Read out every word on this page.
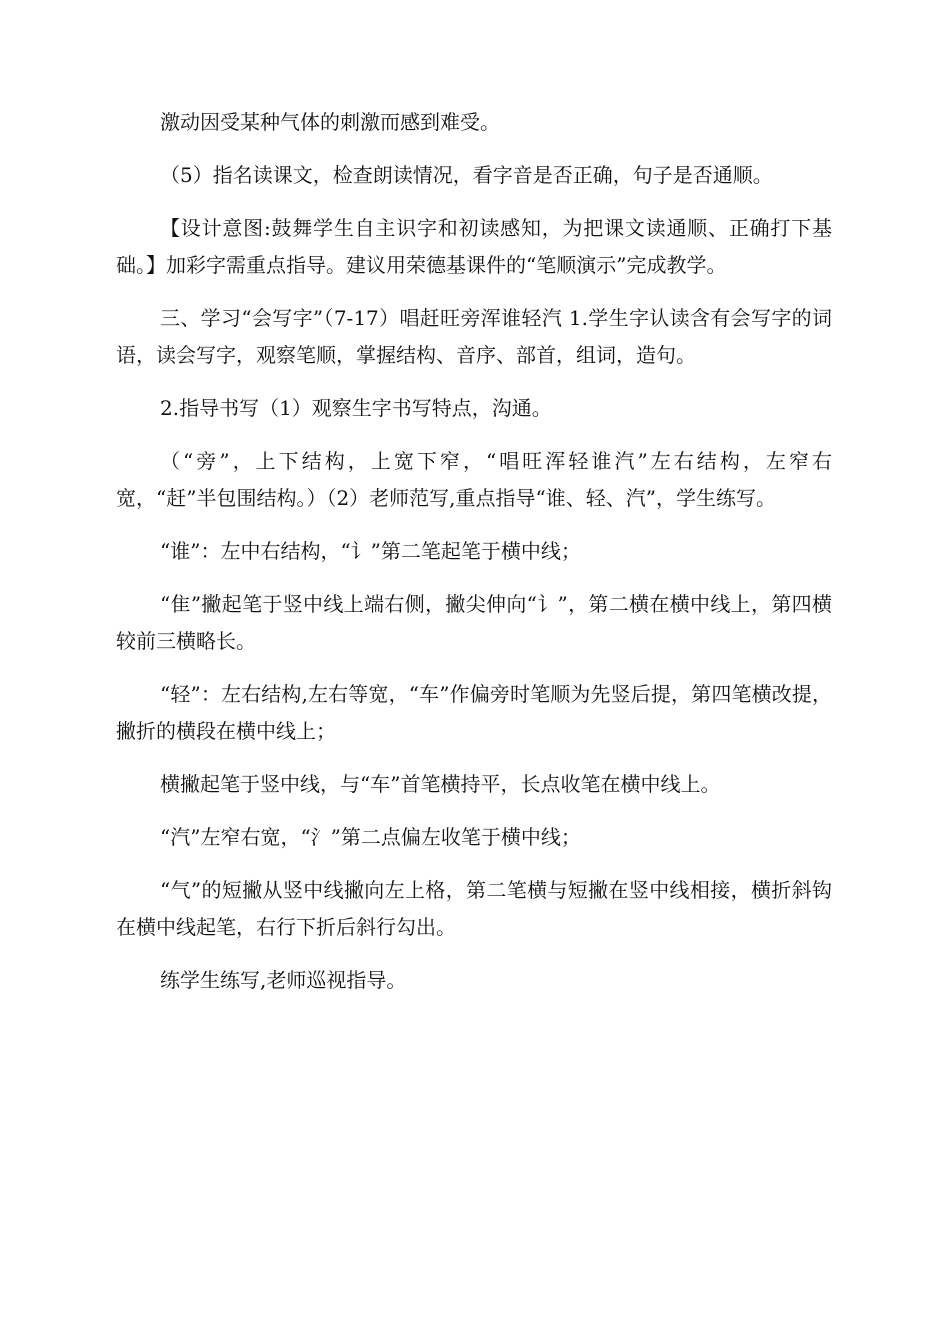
激动因受某种气体的刺激而感到难受。

（5）指名读课文，检查朗读情况，看字音是否正确，句子是否通顺。

【设计意图:鼓舞学生自主识字和初读感知，为把课文读通顺、正确打下基础。】加彩字需重点指导。建议用荣德基课件的“笔顺演示”完成教学。

三、学习“会写字”（7-17）唱赶旺旁浑谁轻汽 1.学生字认读含有会写字的词语，读会写字，观察笔顺，掌握结构、音序、部首，组词，造句。

2.指导书写（1）观察生字书写特点，沟通。

（“旁”，上下结构，上宽下窄，“唱旺浑轻谁汽”左右结构，左窄右宽，“赶”半包围结构。）（2）老师范写,重点指导“谁、轻、汽”，学生练写。

“谁”：左中右结构，“讠”第二笔起笔于横中线；

“隹”撇起笔于竖中线上端右侧，撇尖伸向“讠”，第二横在横中线上，第四横较前三横略长。

“轻”：左右结构,左右等宽，“车”作偏旁时笔顺为先竖后提，第四笔横改提，撇折的横段在横中线上；

横撇起笔于竖中线，与“车”首笔横持平，长点收笔在横中线上。

“汽”左窄右宽，“氵”第二点偏左收笔于横中线；

“气”的短撇从竖中线撇向左上格，第二笔横与短撇在竖中线相接，横折斜钩在横中线起笔，右行下折后斜行勾出。

练学生练写,老师巡视指导。
